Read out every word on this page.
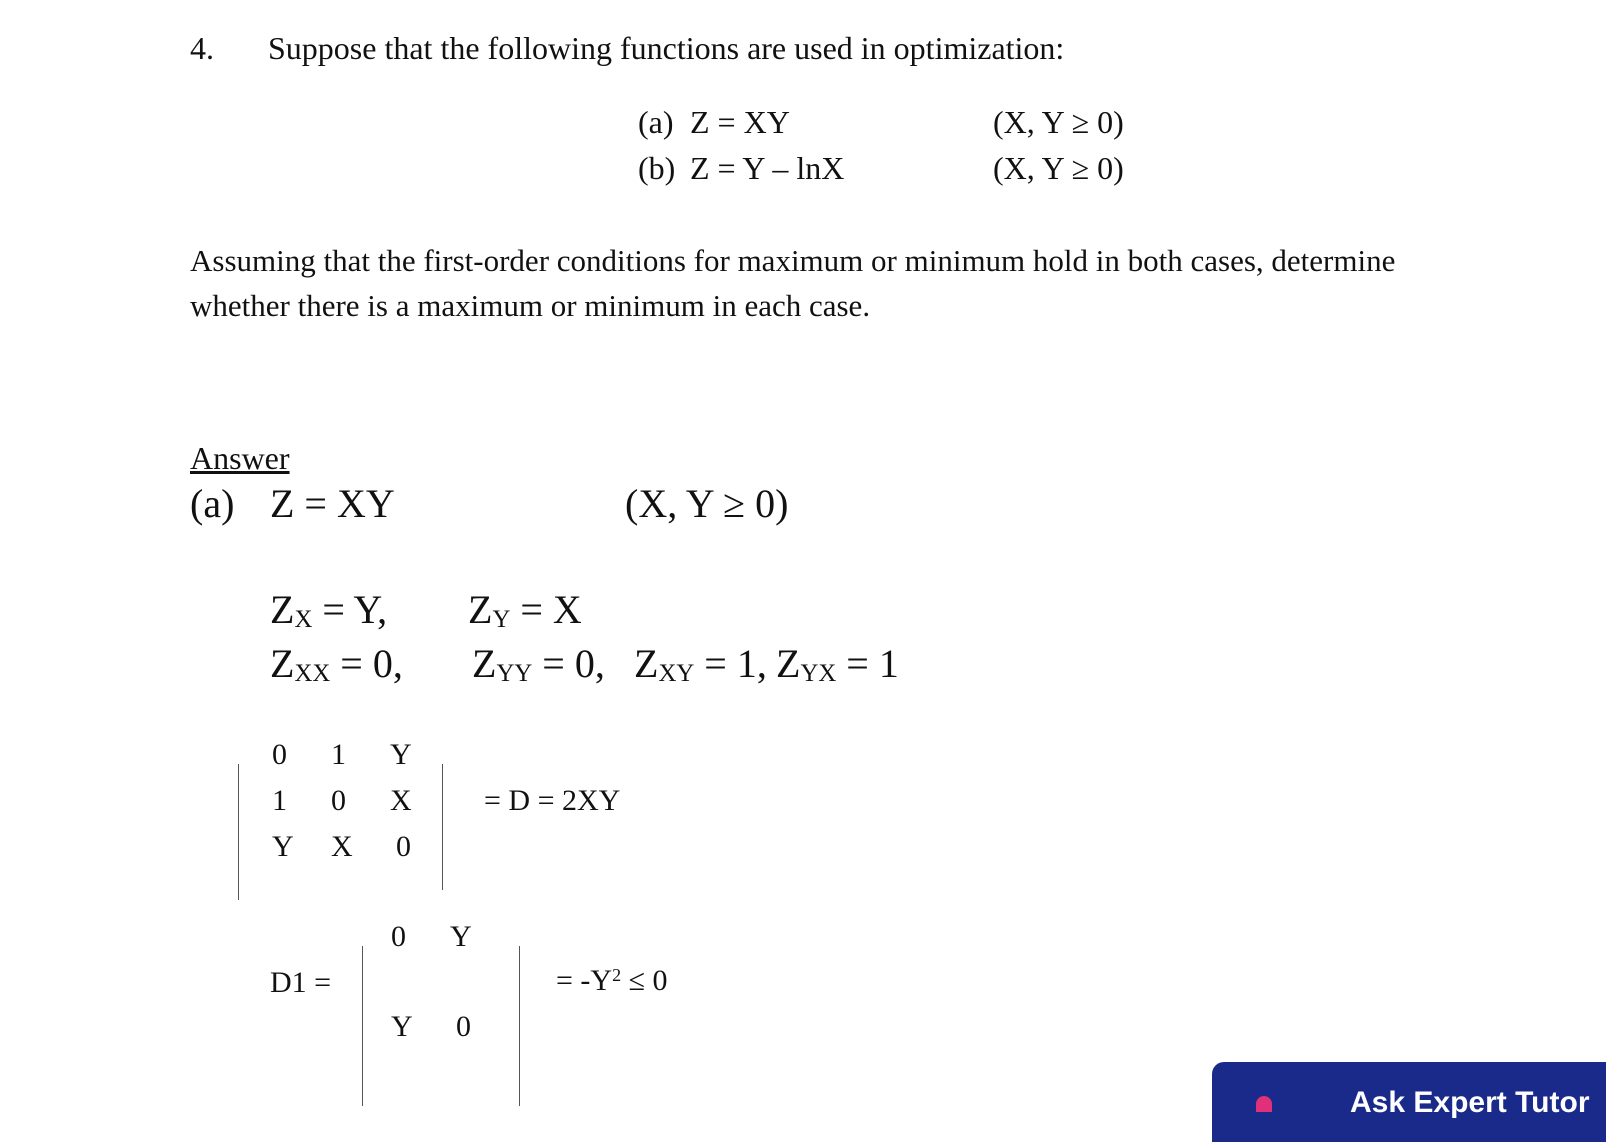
4. Suppose that the following functions are used in optimization:
(a) Z = XY	(X, Y ≥ 0)
(b) Z = Y – lnX	(X, Y ≥ 0)
Assuming that the first-order conditions for maximum or minimum hold in both cases, determine
whether there is a maximum or minimum in each case.
Answer
(a) Z = XY	(X, Y ≥ 0)
ZX = Y, ZY = X
ZXX = 0, ZYY = 0, ZXY = 1, ZYX = 1
0 1 Y
1 0 X
Y X 0
= D = 2XY
D1 =
0 Y
Y 0
= $-Y^2 \le 0$
Ask Expert Tutor
